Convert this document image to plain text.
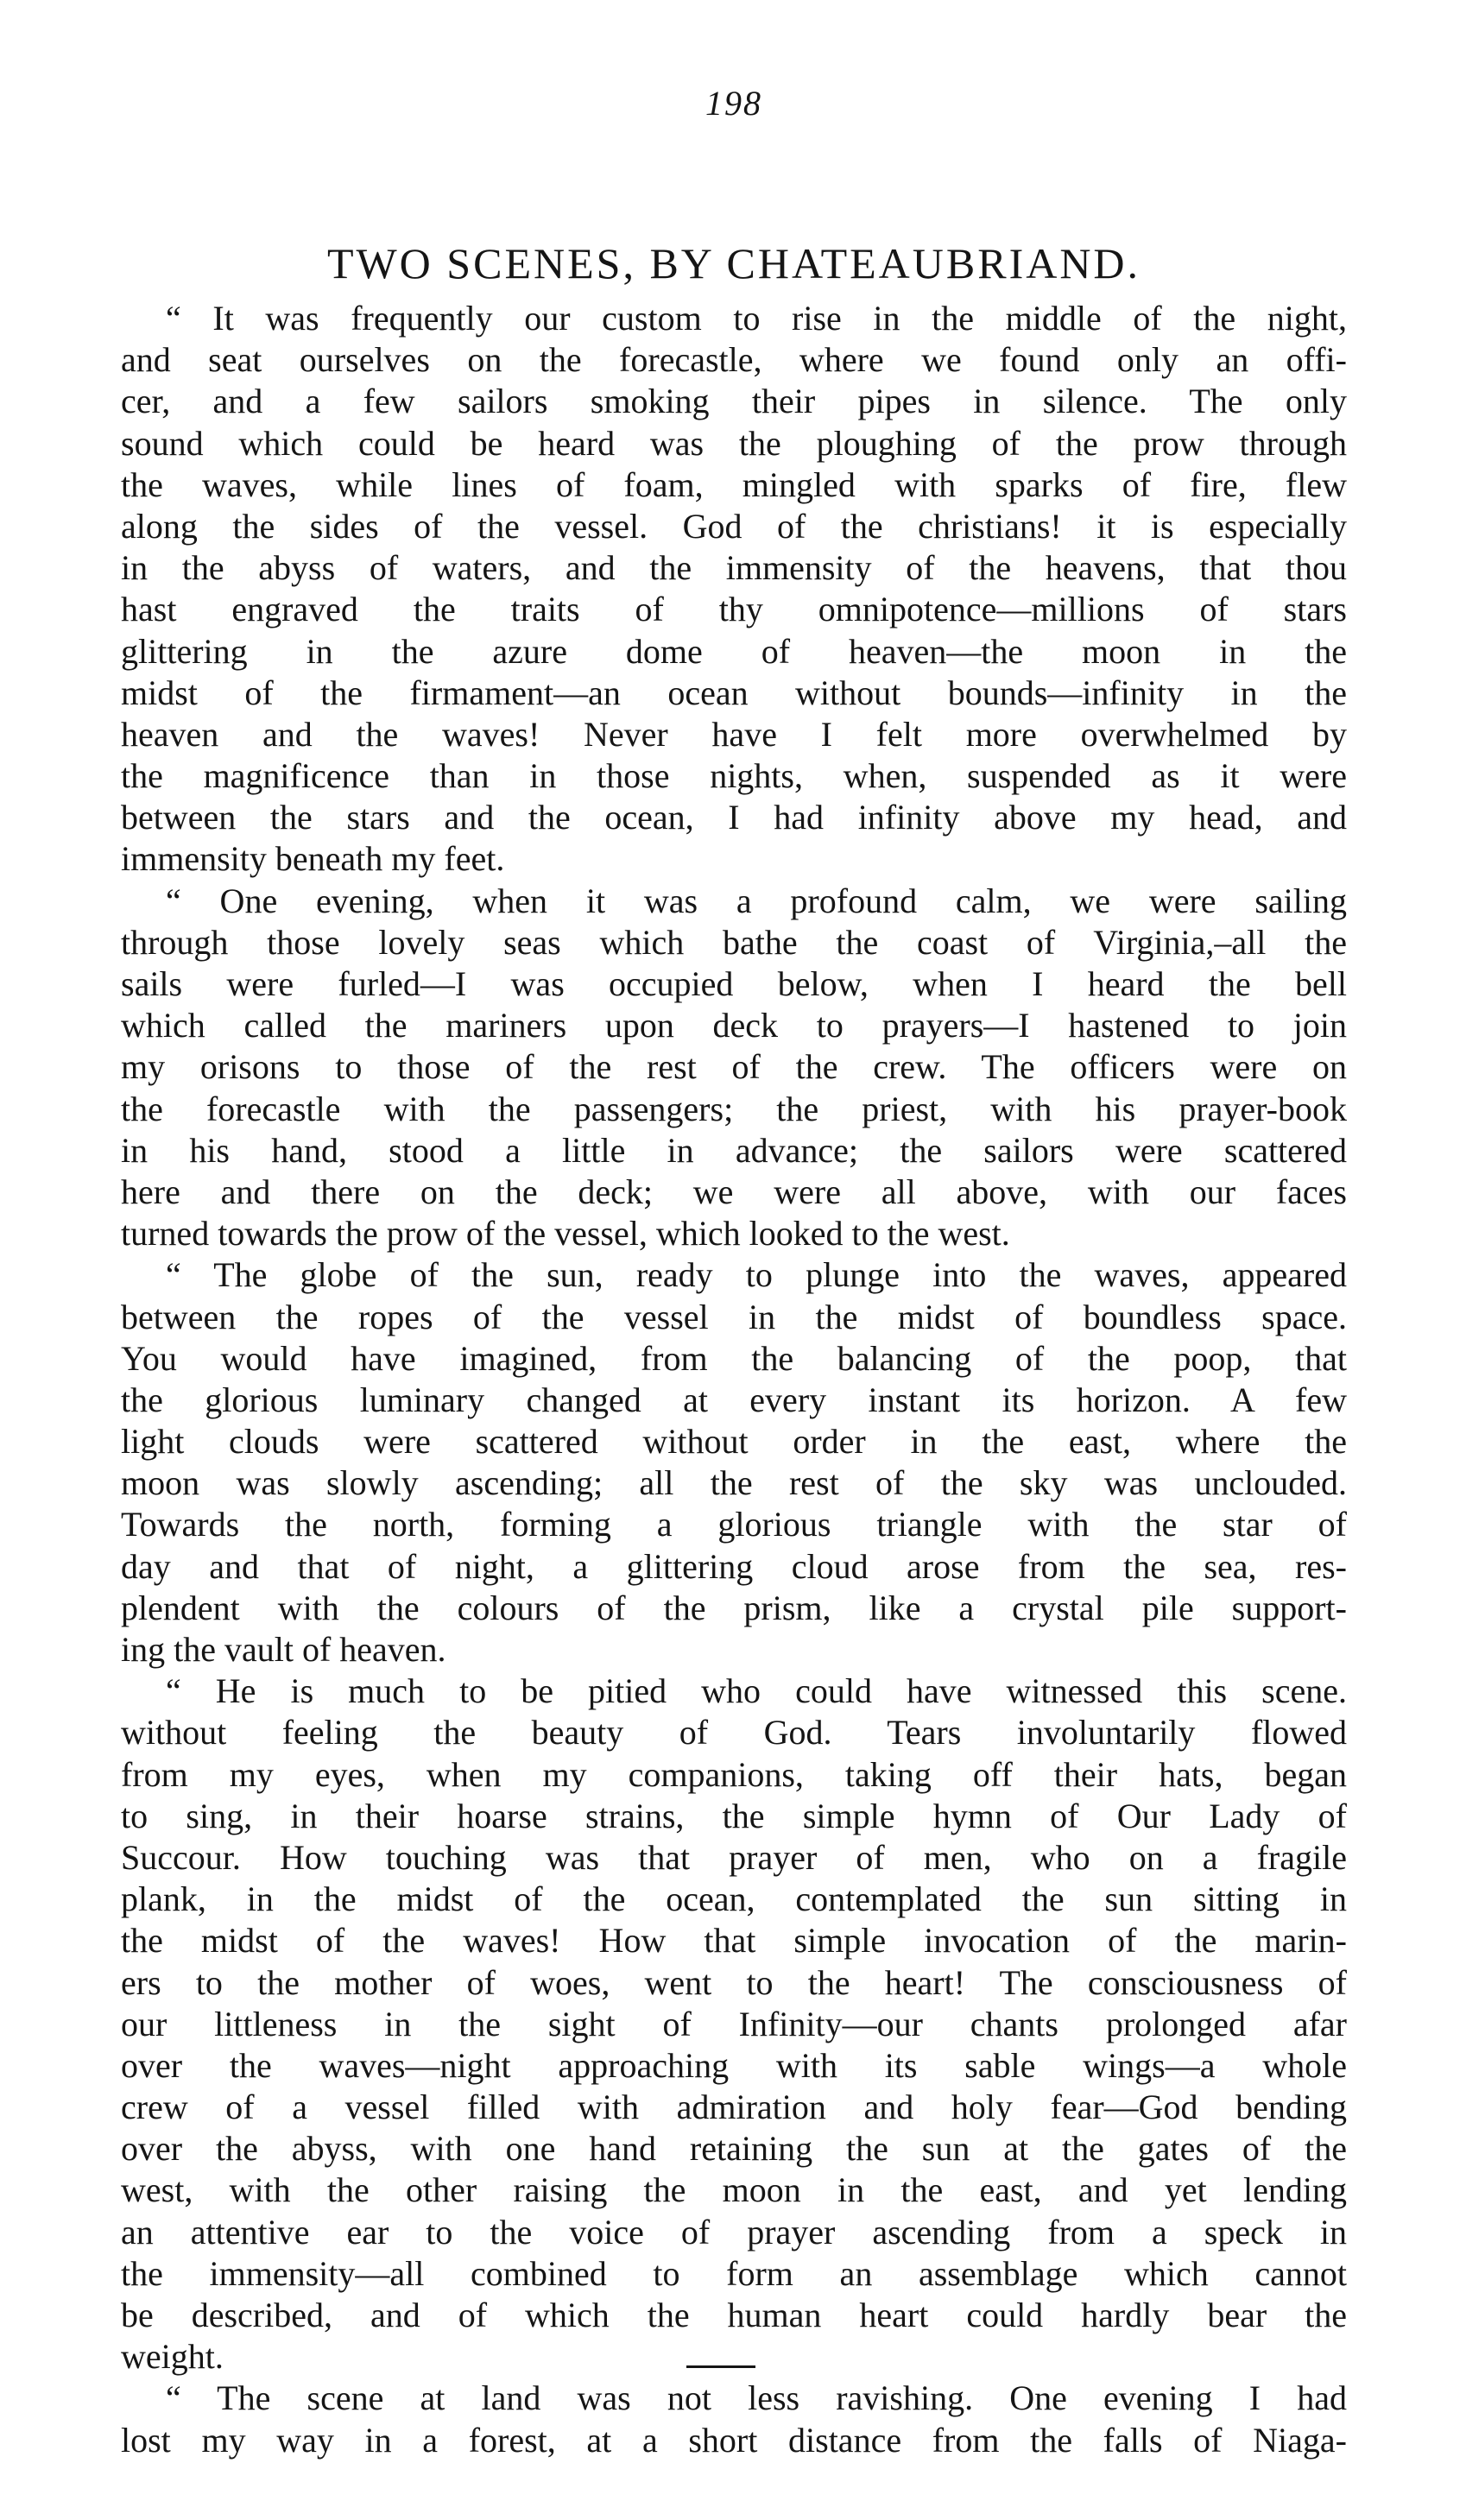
198
TWO SCENES, BY CHATEAUBRIAND.
“ It was frequently our custom to rise in the middle of the night,
and seat ourselves on the forecastle, where we found only an offi-
cer, and a few sailors smoking their pipes in silence. The only
sound which could be heard was the ploughing of the prow through
the waves, while lines of foam, mingled with sparks of fire, flew
along the sides of the vessel. God of the christians! it is especially
in the abyss of waters, and the immensity of the heavens, that thou
hast engraved the traits of thy omnipotence—millions of stars
glittering in the azure dome of heaven—the moon in the
midst of the firmament—an ocean without bounds—infinity in the
heaven and the waves! Never have I felt more overwhelmed by
the magnificence than in those nights, when, suspended as it were
between the stars and the ocean, I had infinity above my head, and
immensity beneath my feet.
“ One evening, when it was a profound calm, we were sailing
through those lovely seas which bathe the coast of Virginia,–all the
sails were furled—I was occupied below, when I heard the bell
which called the mariners upon deck to prayers—I hastened to join
my orisons to those of the rest of the crew. The officers were on
the forecastle with the passengers; the priest, with his prayer-book
in his hand, stood a little in advance; the sailors were scattered
here and there on the deck; we were all above, with our faces
turned towards the prow of the vessel, which looked to the west.
“ The globe of the sun, ready to plunge into the waves, appeared
between the ropes of the vessel in the midst of boundless space.
You would have imagined, from the balancing of the poop, that
the glorious luminary changed at every instant its horizon. A few
light clouds were scattered without order in the east, where the
moon was slowly ascending; all the rest of the sky was unclouded.
Towards the north, forming a glorious triangle with the star of
day and that of night, a glittering cloud arose from the sea, res-
plendent with the colours of the prism, like a crystal pile support-
ing the vault of heaven.
“ He is much to be pitied who could have witnessed this scene.
without feeling the beauty of God. Tears involuntarily flowed
from my eyes, when my companions, taking off their hats, began
to sing, in their hoarse strains, the simple hymn of Our Lady of
Succour. How touching was that prayer of men, who on a fragile
plank, in the midst of the ocean, contemplated the sun sitting in
the midst of the waves! How that simple invocation of the marin-
ers to the mother of woes, went to the heart! The consciousness of
our littleness in the sight of Infinity—our chants prolonged afar
over the waves—night approaching with its sable wings—a whole
crew of a vessel filled with admiration and holy fear—God bending
over the abyss, with one hand retaining the sun at the gates of the
west, with the other raising the moon in the east, and yet lending
an attentive ear to the voice of prayer ascending from a speck in
the immensity—all combined to form an assemblage which cannot
be described, and of which the human heart could hardly bear the
weight.
“ The scene at land was not less ravishing. One evening I had
lost my way in a forest, at a short distance from the falls of Niaga-
